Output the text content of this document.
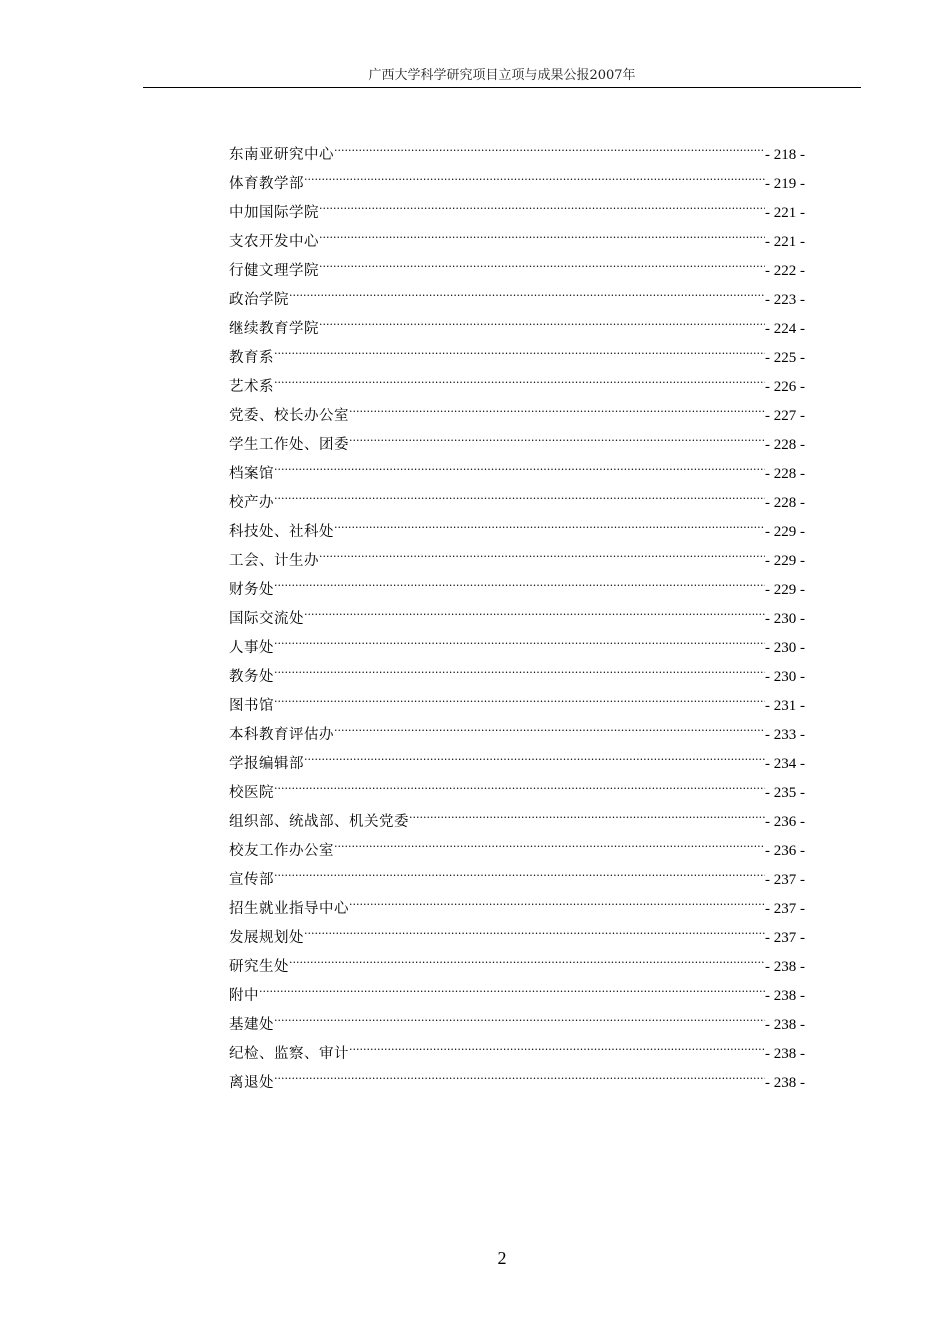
广西大学科学研究项目立项与成果公报2007年
东南亚研究中心 .....	- 218 -
体育教学部 .....	- 219 -
中加国际学院 .....	- 221 -
支农开发中心 .....	- 221 -
行健文理学院 .....	- 222 -
政治学院 .....	- 223 -
继续教育学院 .....	- 224 -
教育系 .....	- 225 -
艺术系 .....	- 226 -
党委、校长办公室 .....	- 227 -
学生工作处、团委 .....	- 228 -
档案馆 .....	- 228 -
校产办 .....	- 228 -
科技处、社科处 .....	- 229 -
工会、计生办 .....	- 229 -
财务处 .....	- 229 -
国际交流处 .....	- 230 -
人事处 .....	- 230 -
教务处 .....	- 230 -
图书馆 .....	- 231 -
本科教育评估办 .....	- 233 -
学报编辑部 .....	- 234 -
校医院 .....	- 235 -
组织部、统战部、机关党委 .....	- 236 -
校友工作办公室 .....	- 236 -
宣传部 .....	- 237 -
招生就业指导中心 .....	- 237 -
发展规划处 .....	- 237 -
研究生处 .....	- 238 -
附中 .....	- 238 -
基建处 .....	- 238 -
纪检、监察、审计 .....	- 238 -
离退处 .....	- 238 -
2
